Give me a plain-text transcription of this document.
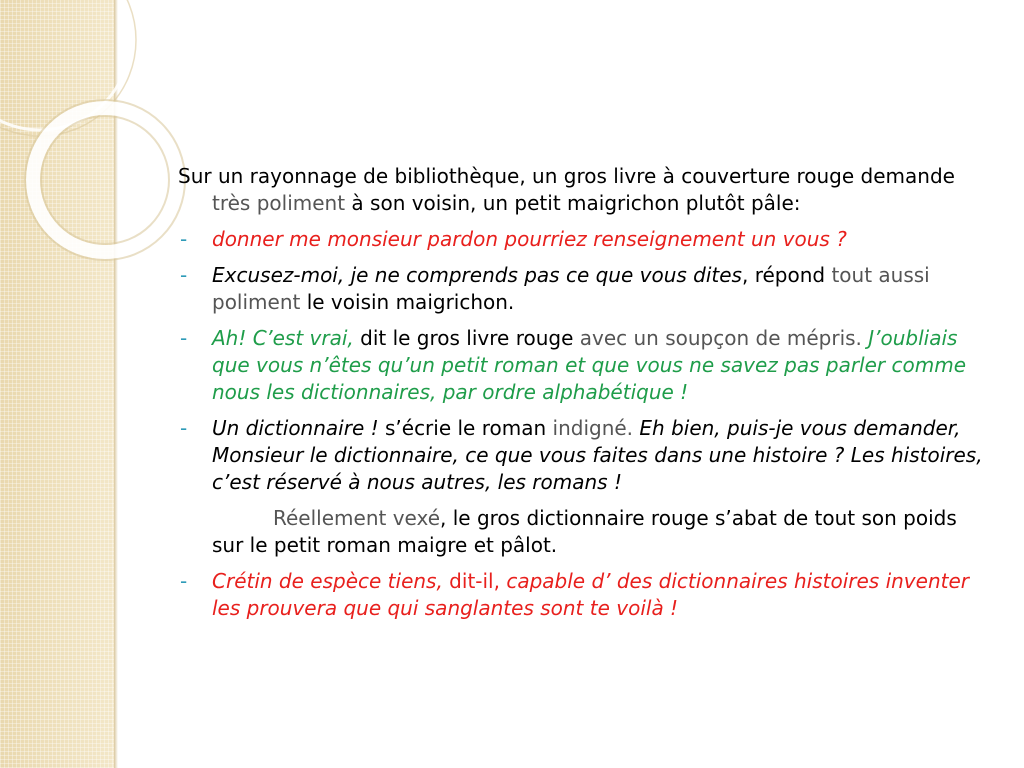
Sur un rayonnage de bibliothèque, un gros livre à couverture rouge demande très poliment à son voisin, un petit maigrichon plutôt pâle:
- donner me monsieur pardon pourriez renseignement un vous ?
- Excusez-moi, je ne comprends pas ce que vous dites, répond tout aussi poliment le voisin maigrichon.
- Ah! C’est vrai, dit le gros livre rouge avec un soupçon de mépris. J’oubliais que vous n’êtes qu’un petit roman et que vous ne savez pas parler comme nous les dictionnaires, par ordre alphabétique !
- Un dictionnaire ! s’écrie le roman indigné. Eh bien, puis-je vous demander, Monsieur le dictionnaire, ce que vous faites dans une histoire ? Les histoires, c’est réservé à nous autres, les romans !
Réellement vexé, le gros dictionnaire rouge s’abat de tout son poids sur le petit roman maigre et pâlot.
- Crétin de espèce tiens, dit-il, capable d’ des dictionnaires histoires inventer les prouvera que qui sanglantes sont te voilà !
